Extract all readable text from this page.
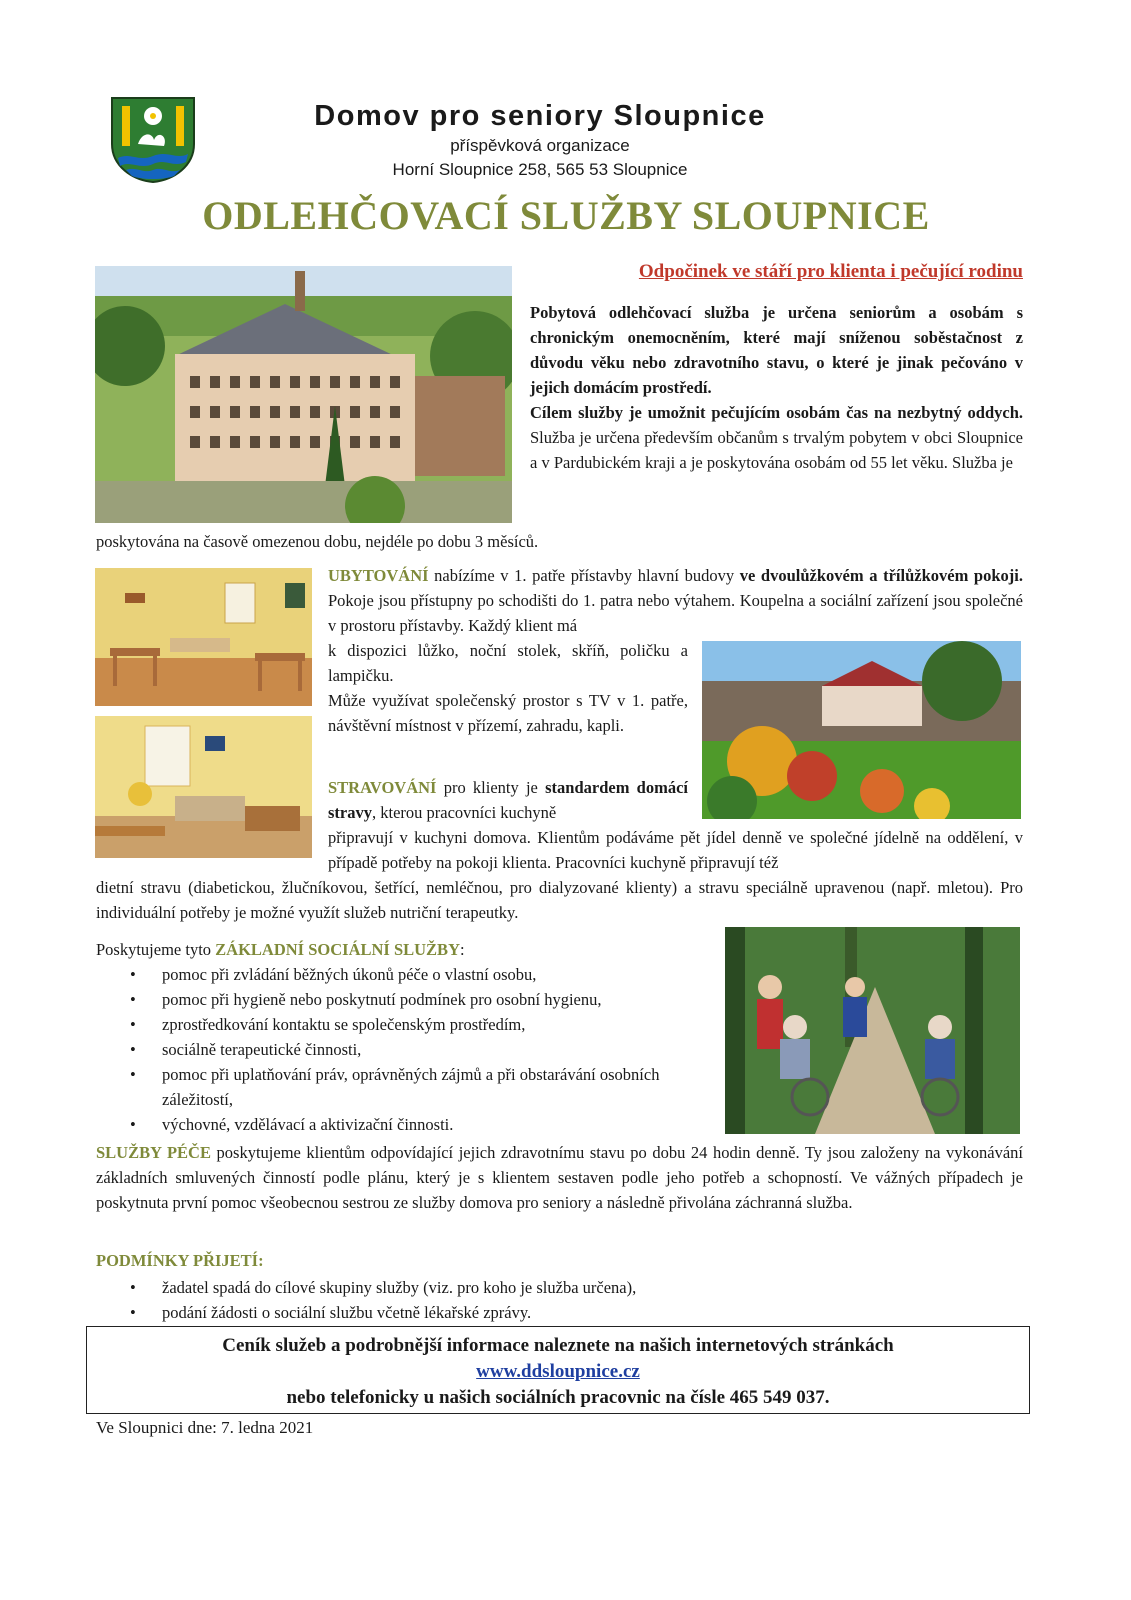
Domov pro seniory Sloupnice
příspěvková organizace
Horní Sloupnice 258, 565 53 Sloupnice
ODLEHČOVACÍ SLUŽBY SLOUPNICE
Odpočinek ve stáří pro klienta i pečující rodinu
Pobytová odlehčovací služba je určena seniorům a osobám s chronickým onemocněním, které mají sníženou soběstačnost z důvodu věku nebo zdravotního stavu, o které je jinak pečováno v jejich domácím prostředí.
Cílem služby je umožnit pečujícím osobám čas na nezbytný oddych. Služba je určena především občanům s trvalým pobytem v obci Sloupnice a v Pardubickém kraji a je poskytována osobám od 55 let věku. Služba je
poskytována na časově omezenou dobu, nejdéle po dobu 3 měsíců.
UBYTOVÁNÍ nabízíme v 1. patře přístavby hlavní budovy ve dvoulůžkovém a třílůžkovém pokoji. Pokoje jsou přístupny po schodišti do 1. patra nebo výtahem. Koupelna a sociální zařízení jsou společné v prostoru přístavby. Každý klient má
k dispozici lůžko, noční stolek, skříň, poličku a lampičku.
Může využívat společenský prostor s TV v 1. patře, návštěvní místnost v přízemí, zahradu, kapli.
STRAVOVÁNÍ pro klienty je standardem domácí stravy, kterou pracovníci kuchyně
připravují v kuchyni domova. Klientům podáváme pět jídel denně ve společné jídelně na oddělení, v případě potřeby na pokoji klienta. Pracovníci kuchyně připravují též
dietní stravu (diabetickou, žlučníkovou, šetřící, nemléčnou, pro dialyzované klienty) a stravu speciálně upravenou (např. mletou). Pro individuální potřeby je možné využít služeb nutriční terapeutky.
Poskytujeme tyto ZÁKLADNÍ SOCIÁLNÍ SLUŽBY:
• pomoc při zvládání běžných úkonů péče o vlastní osobu,
• pomoc při hygieně nebo poskytnutí podmínek pro osobní hygienu,
• zprostředkování kontaktu se společenským prostředím,
• sociálně terapeutické činnosti,
• pomoc při uplatňování práv, oprávněných zájmů a při obstarávání osobních záležitostí,
• výchovné, vzdělávací a aktivizační činnosti.
SLUŽBY PÉČE poskytujeme klientům odpovídající jejich zdravotnímu stavu po dobu 24 hodin denně. Ty jsou založeny na vykonávání základních smluvených činností podle plánu, který je s klientem sestaven podle jeho potřeb a schopností. Ve vážných případech je poskytnuta první pomoc všeobecnou sestrou ze služby domova pro seniory a následně přivolána záchranná služba.
PODMÍNKY PŘIJETÍ:
• žadatel spadá do cílové skupiny služby (viz. pro koho je služba určena),
• podání žádosti o sociální službu včetně lékařské zprávy.
Ceník služeb a podrobnější informace naleznete na našich internetových stránkách
www.ddsloupnice.cz
nebo telefonicky u našich sociálních pracovnic na čísle 465 549 037.
Ve Sloupnici dne: 7. ledna 2021
